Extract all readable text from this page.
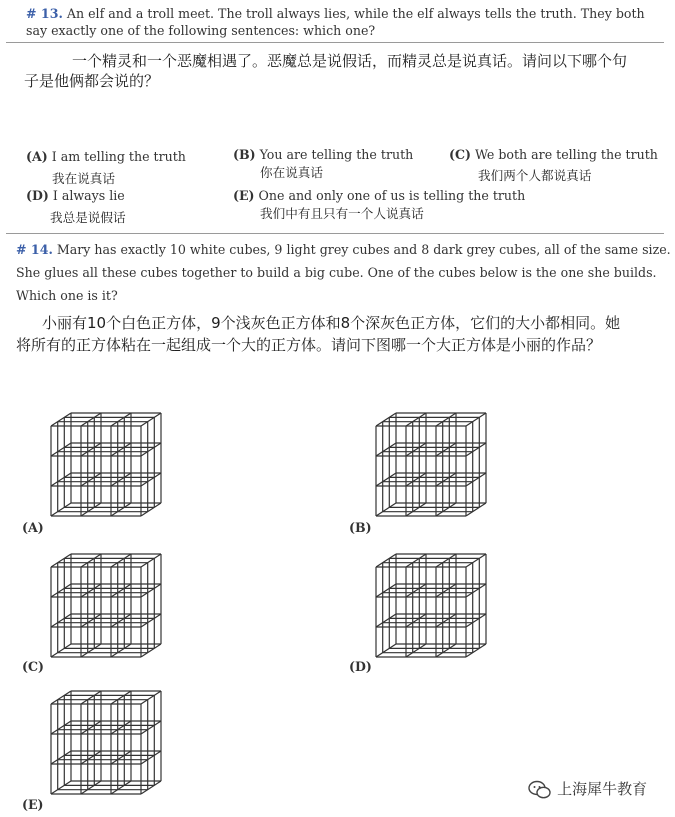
# 13. An elf and a troll meet. The troll always lies, while the elf always tells the truth. They both
say exactly one of the following sentences: which one?
一个精灵和一个恶魔相遇了。恶魔总是说假话，而精灵总是说真话。请问以下哪个句
子是他俩都会说的？
(A) I am telling the truth
我在说真话
(B) You are telling the truth
你在说真话
(C) We both are telling the truth
我们两个人都说真话
(D) I always lie
我总是说假话
(E) One and only one of us is telling the truth
我们中有且只有一个人说真话
# 14. Mary has exactly 10 white cubes, 9 light grey cubes and 8 dark grey cubes, all of the same size.
She glues all these cubes together to build a big cube. One of the cubes below is the one she builds.
Which one is it?
小丽有10个白色正方体，9个浅灰色正方体和8个深灰色正方体，它们的大小都相同。她
将所有的正方体粘在一起组成一个大的正方体。请问下图哪一个大正方体是小丽的作品？
(A)	(B)
(C)	(D)
(E)
上海犀牛教育
